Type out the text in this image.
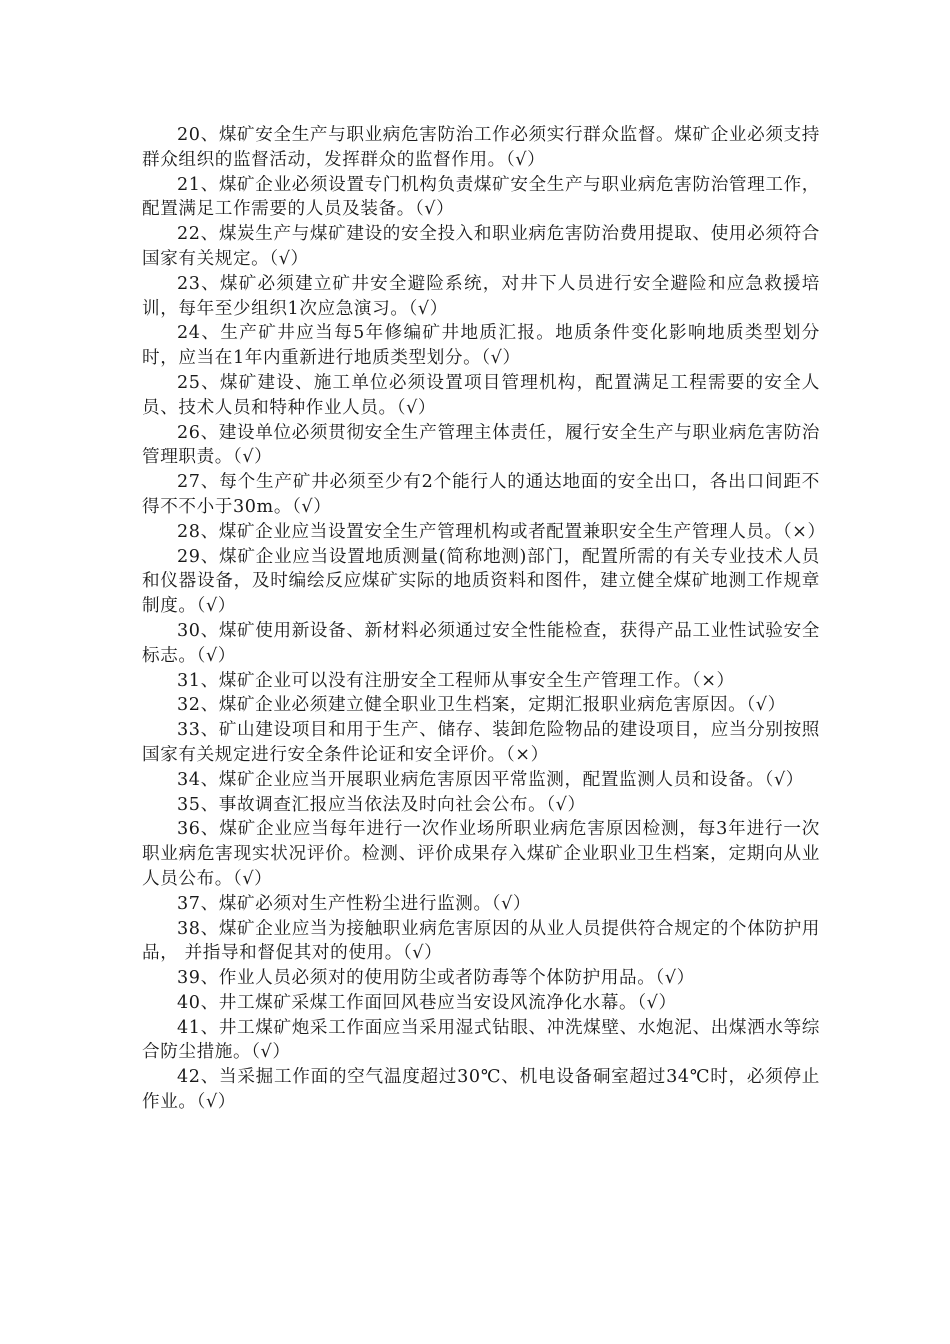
20、煤矿安全生产与职业病危害防治工作必须实行群众监督。煤矿企业必须支持群众组织的监督活动，发挥群众的监督作用。（√）

21、煤矿企业必须设置专门机构负责煤矿安全生产与职业病危害防治管理工作，配置满足工作需要的人员及装备。（√）

22、煤炭生产与煤矿建设的安全投入和职业病危害防治费用提取、使用必须符合国家有关规定。（√）

23、煤矿必须建立矿井安全避险系统，对井下人员进行安全避险和应急救援培训，每年至少组织1次应急演习。（√）

24、生产矿井应当每5年修编矿井地质汇报。地质条件变化影响地质类型划分时，应当在1年内重新进行地质类型划分。（√）

25、煤矿建设、施工单位必须设置项目管理机构，配置满足工程需要的安全人员、技术人员和特种作业人员。（√）

26、建设单位必须贯彻安全生产管理主体责任，履行安全生产与职业病危害防治管理职责。（√）

27、每个生产矿井必须至少有2个能行人的通达地面的安全出口，各出口间距不得不不小于30m。（√）

28、煤矿企业应当设置安全生产管理机构或者配置兼职安全生产管理人员。（×）

29、煤矿企业应当设置地质测量(简称地测)部门，配置所需的有关专业技术人员和仪器设备，及时编绘反应煤矿实际的地质资料和图件，建立健全煤矿地测工作规章制度。（√）

30、煤矿使用新设备、新材料必须通过安全性能检查，获得产品工业性试验安全标志。（√）

31、煤矿企业可以没有注册安全工程师从事安全生产管理工作。（×）

32、煤矿企业必须建立健全职业卫生档案，定期汇报职业病危害原因。（√）

33、矿山建设项目和用于生产、储存、装卸危险物品的建设项目，应当分别按照国家有关规定进行安全条件论证和安全评价。（×）

34、煤矿企业应当开展职业病危害原因平常监测，配置监测人员和设备。（√）

35、事故调查汇报应当依法及时向社会公布。（√）

36、煤矿企业应当每年进行一次作业场所职业病危害原因检测，每3年进行一次职业病危害现实状况评价。检测、评价成果存入煤矿企业职业卫生档案，定期向从业人员公布。（√）

37、煤矿必须对生产性粉尘进行监测。（√）

38、煤矿企业应当为接触职业病危害原因的从业人员提供符合规定的个体防护用品， 并指导和督促其对的使用。（√）

39、作业人员必须对的使用防尘或者防毒等个体防护用品。（√）

40、井工煤矿采煤工作面回风巷应当安设风流净化水幕。（√）

41、井工煤矿炮采工作面应当采用湿式钻眼、冲洗煤壁、水炮泥、出煤洒水等综合防尘措施。（√）

42、当采掘工作面的空气温度超过30℃、机电设备硐室超过34℃时，必须停止作业。（√）
